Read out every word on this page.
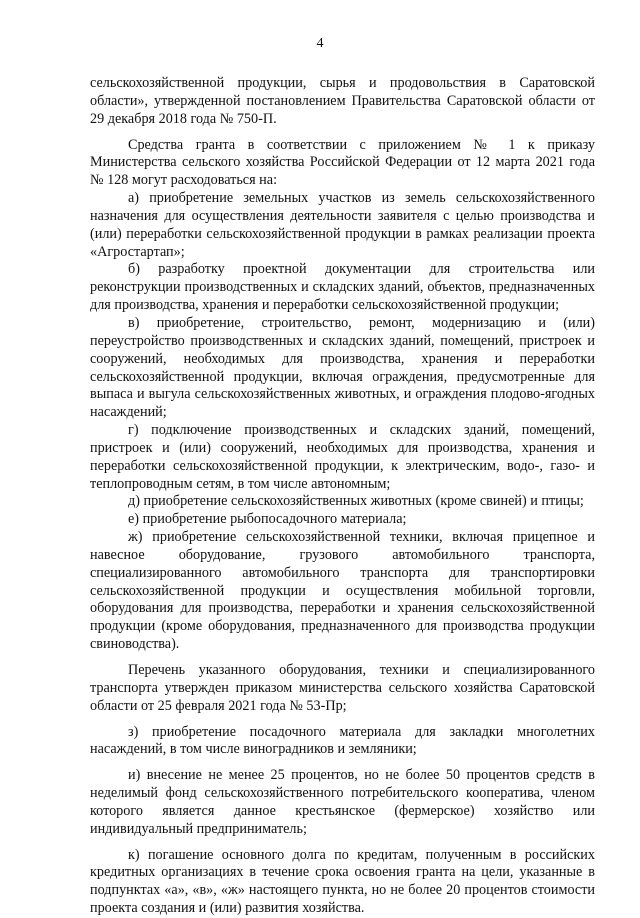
4

сельскохозяйственной продукции, сырья и продовольствия в Саратовской области», утвержденной постановлением Правительства Саратовской области от 29 декабря 2018 года № 750-П.

Средства гранта в соответствии с приложением № 1 к приказу Министерства сельского хозяйства Российской Федерации от 12 марта 2021 года № 128 могут расходоваться на:

а) приобретение земельных участков из земель сельскохозяйственного назначения для осуществления деятельности заявителя с целью производства и (или) переработки сельскохозяйственной продукции в рамках реализации проекта «Агростартап»;

б) разработку проектной документации для строительства или реконструкции производственных и складских зданий, объектов, предназначенных для производства, хранения и переработки сельскохозяйственной продукции;

в) приобретение, строительство, ремонт, модернизацию и (или) переустройство производственных и складских зданий, помещений, пристроек и сооружений, необходимых для производства, хранения и переработки сельскохозяйственной продукции, включая ограждения, предусмотренные для выпаса и выгула сельскохозяйственных животных, и ограждения плодово-ягодных насаждений;

г) подключение производственных и складских зданий, помещений, пристроек и (или) сооружений, необходимых для производства, хранения и переработки сельскохозяйственной продукции, к электрическим, водо-, газо- и теплопроводным сетям, в том числе автономным;

д) приобретение сельскохозяйственных животных (кроме свиней) и птицы;

е) приобретение рыбопосадочного материала;

ж) приобретение сельскохозяйственной техники, включая прицепное и навесное оборудование, грузового автомобильного транспорта, специализированного автомобильного транспорта для транспортировки сельскохозяйственной продукции и осуществления мобильной торговли, оборудования для производства, переработки и хранения сельскохозяйственной продукции (кроме оборудования, предназначенного для производства продукции свиноводства).

Перечень указанного оборудования, техники и специализированного транспорта утвержден приказом министерства сельского хозяйства Саратовской области от 25 февраля 2021 года № 53-Пр;

з) приобретение посадочного материала для закладки многолетних насаждений, в том числе виноградников и земляники;

и) внесение не менее 25 процентов, но не более 50 процентов средств в неделимый фонд сельскохозяйственного потребительского кооператива, членом которого является данное крестьянское (фермерское) хозяйство или индивидуальный предприниматель;

к) погашение основного долга по кредитам, полученным в российских кредитных организациях в течение срока освоения гранта на цели, указанные в подпунктах «а», «в», «ж» настоящего пункта, но не более 20 процентов стоимости проекта создания и (или) развития хозяйства.
